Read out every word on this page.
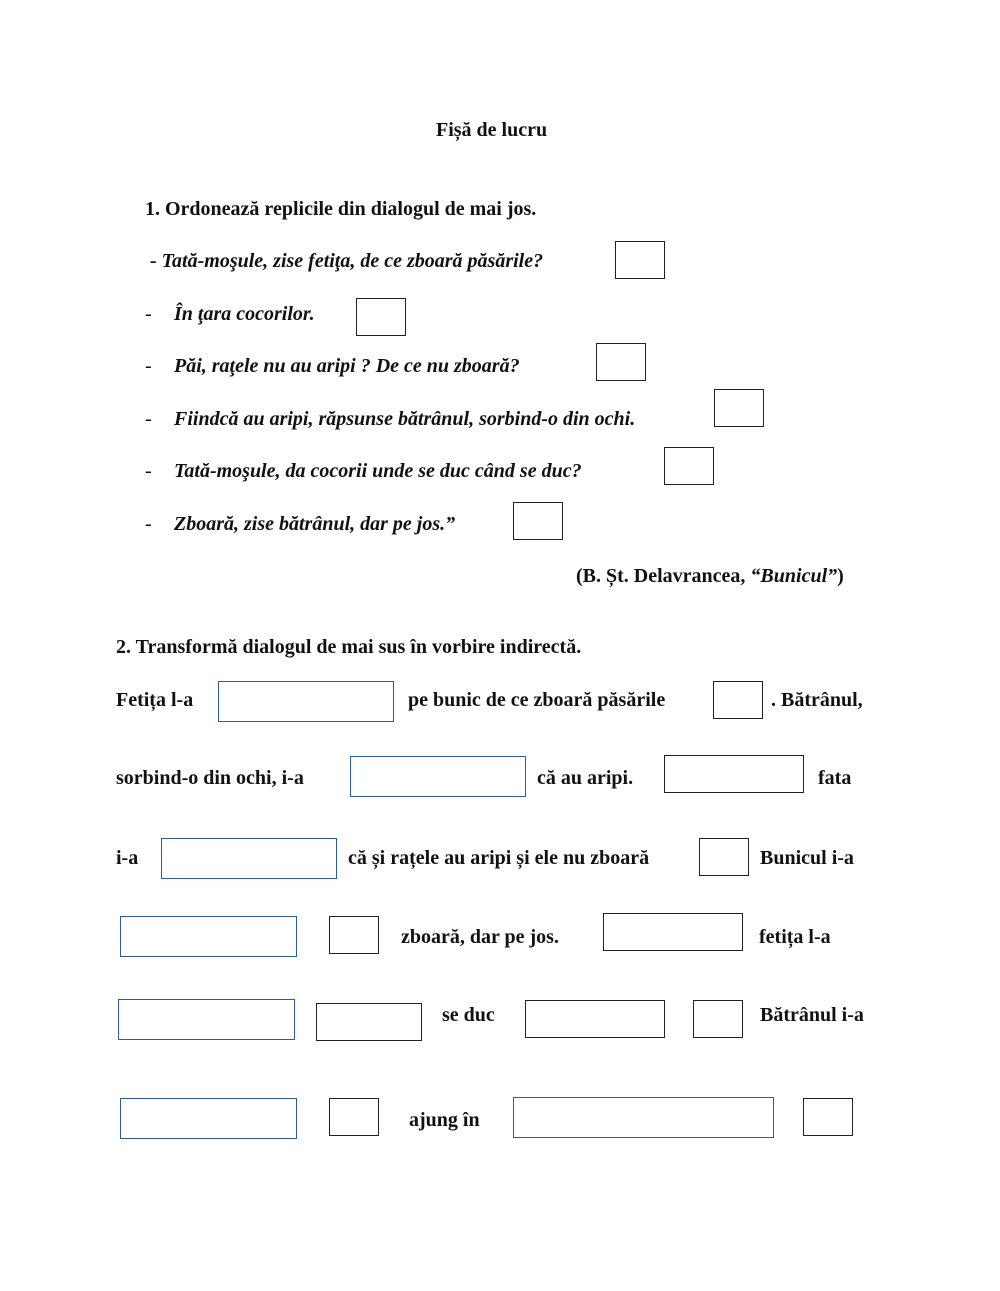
Fișă de lucru
1. Ordonează replicile din dialogul de mai jos.
- Tată-moşule, zise fetiţa, de ce zboară păsările?
- În ţara cocorilor.
- Păi, raţele nu au aripi ? De ce nu zboară?
- Fiindcă au aripi, răpsunse bătrânul, sorbind-o din ochi.
- Tată-moşule, da cocorii unde se duc când se duc?
- Zboară, zise bătrânul, dar pe jos.”
(B. Șt. Delavrancea, “Bunicul”)
2. Transformă dialogul de mai sus în vorbire indirectă.
Fetița l-a	pe bunic de ce zboară păsările	. Bătrânul,
sorbind-o din ochi, i-a	că au aripi.	fata
i-a	că și rațele au aripi și ele nu zboară	Bunicul i-a
zboară, dar pe jos.	fetița l-a
se duc	Bătrânul i-a
ajung în
